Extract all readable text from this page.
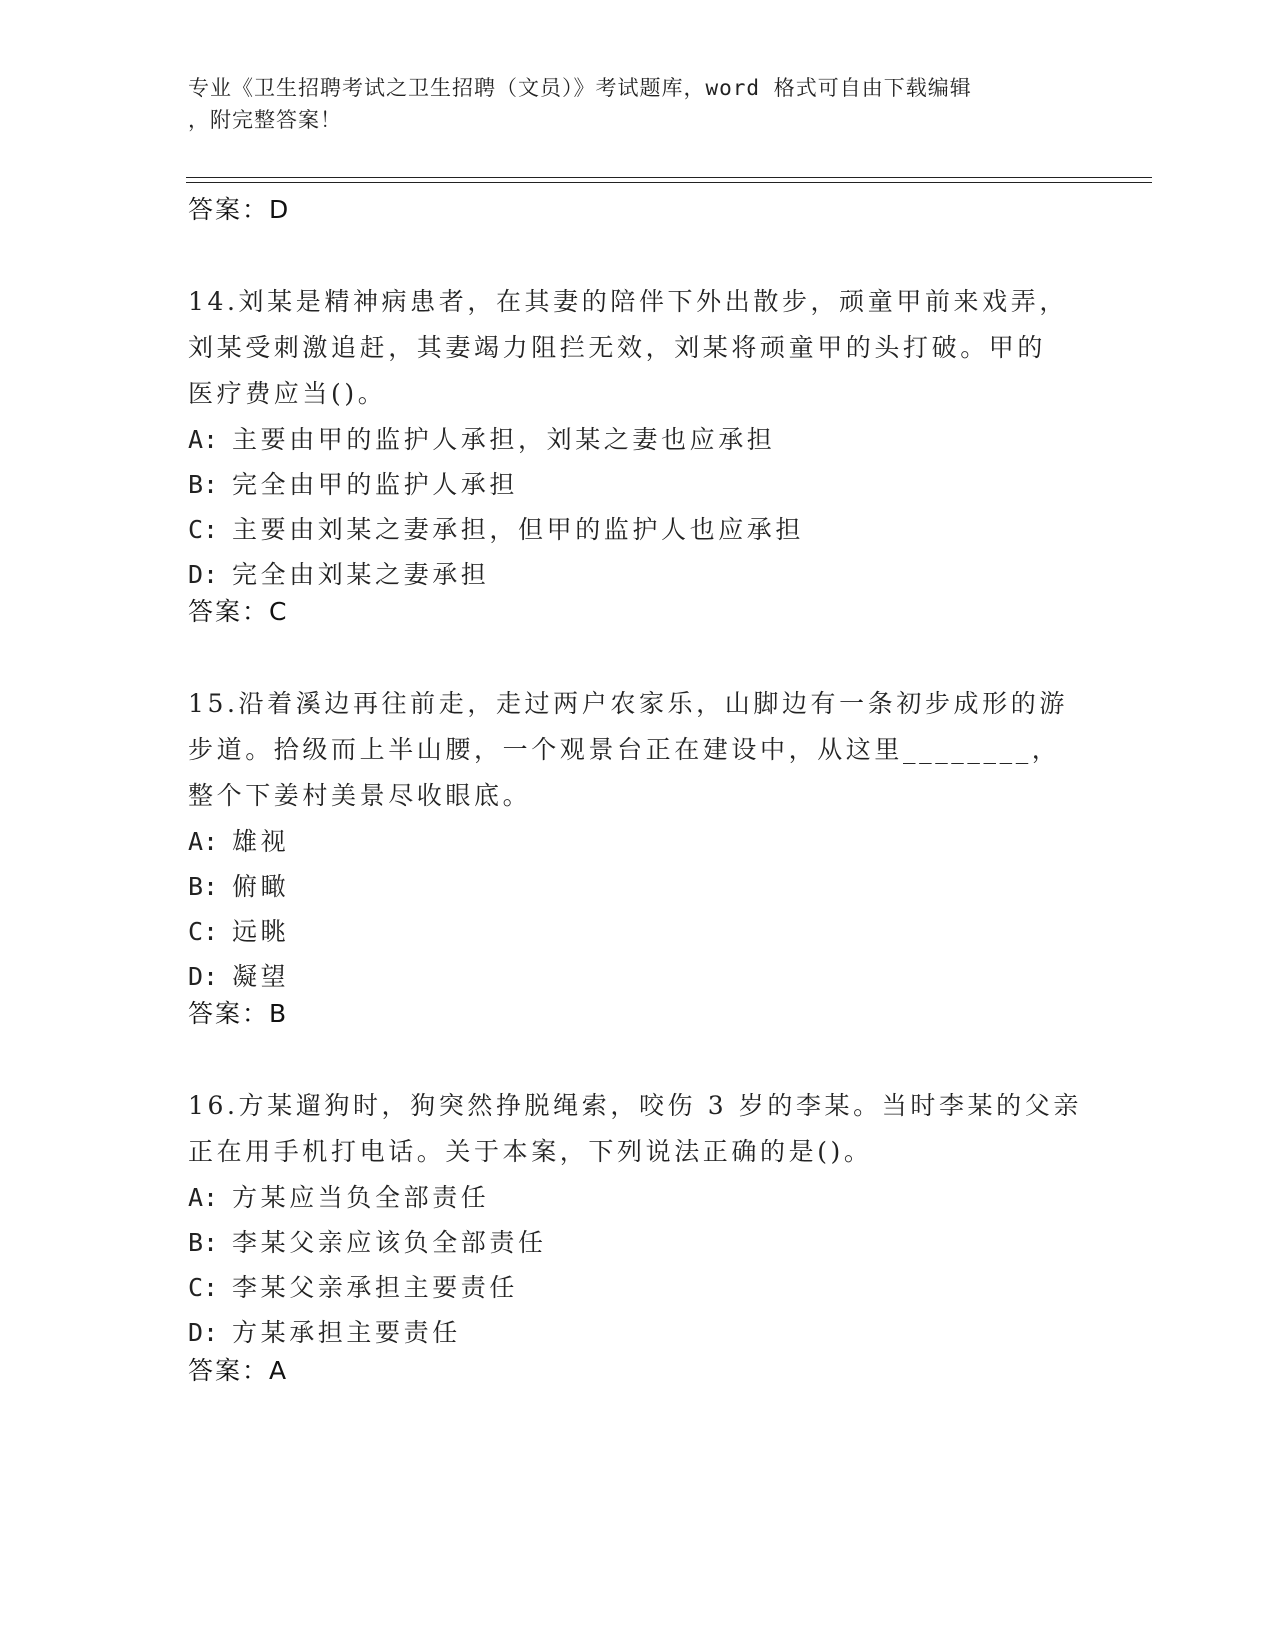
专业《卫生招聘考试之卫生招聘（文员）》考试题库，word 格式可自由下载编辑
，附完整答案！
答案：D
14.刘某是精神病患者，在其妻的陪伴下外出散步，顽童甲前来戏弄，
刘某受刺激追赶，其妻竭力阻拦无效，刘某将顽童甲的头打破。甲的
医疗费应当()。
A: 主要由甲的监护人承担，刘某之妻也应承担
B: 完全由甲的监护人承担
C: 主要由刘某之妻承担，但甲的监护人也应承担
D: 完全由刘某之妻承担
答案：C
15.沿着溪边再往前走，走过两户农家乐，山脚边有一条初步成形的游
步道。拾级而上半山腰，一个观景台正在建设中，从这里________，
整个下姜村美景尽收眼底。
A: 雄视
B: 俯瞰
C: 远眺
D: 凝望
答案：B
16.方某遛狗时，狗突然挣脱绳索，咬伤 3 岁的李某。当时李某的父亲
正在用手机打电话。关于本案，下列说法正确的是()。
A: 方某应当负全部责任
B: 李某父亲应该负全部责任
C: 李某父亲承担主要责任
D: 方某承担主要责任
答案：A
